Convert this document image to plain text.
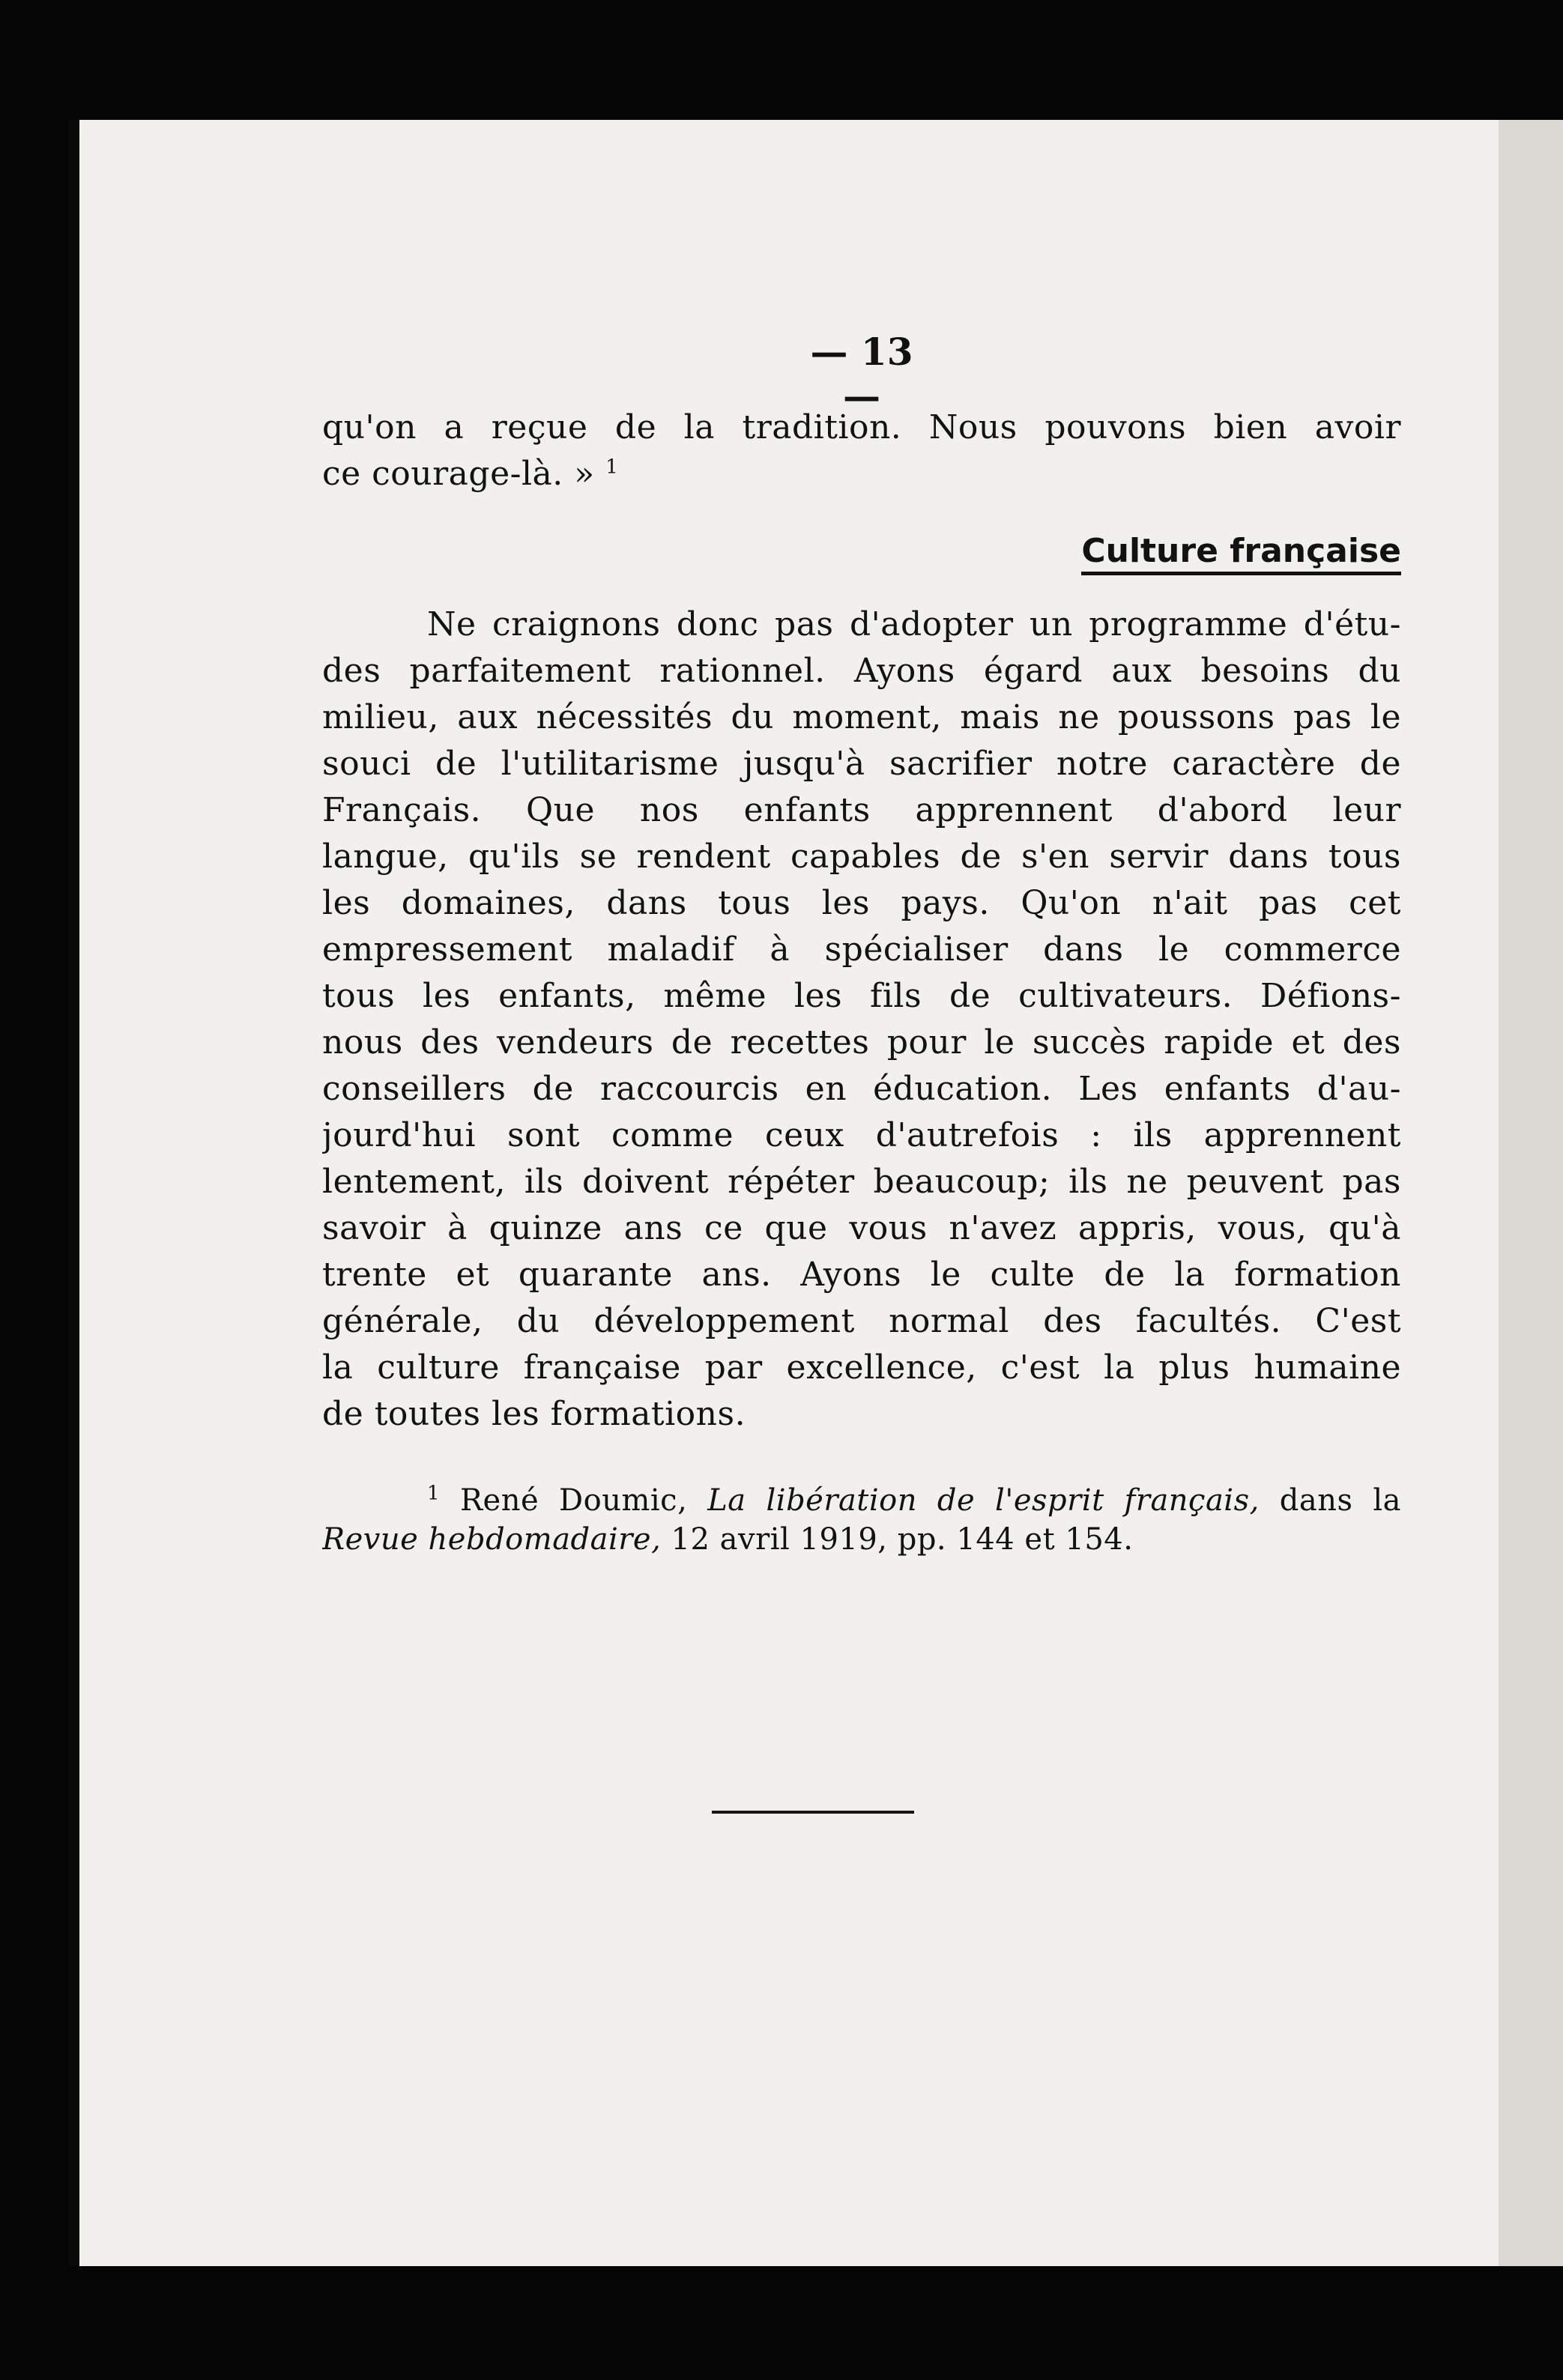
— 13 —
qu'on a reçue de la tradition. Nous pouvons bien avoir
ce courage-là. » $^1$
Culture française
Ne craignons donc pas d'adopter un programme d'étu-
des parfaitement rationnel. Ayons égard aux besoins du
milieu, aux nécessités du moment, mais ne poussons pas le
souci de l'utilitarisme jusqu'à sacrifier notre caractère de
Français. Que nos enfants apprennent d'abord leur
langue, qu'ils se rendent capables de s'en servir dans tous
les domaines, dans tous les pays. Qu'on n'ait pas cet
empressement maladif à spécialiser dans le commerce
tous les enfants, même les fils de cultivateurs. Défions-
nous des vendeurs de recettes pour le succès rapide et des
conseillers de raccourcis en éducation. Les enfants d'au-
jourd'hui sont comme ceux d'autrefois : ils apprennent
lentement, ils doivent répéter beaucoup; ils ne peuvent pas
savoir à quinze ans ce que vous n'avez appris, vous, qu'à
trente et quarante ans. Ayons le culte de la formation
générale, du développement normal des facultés. C'est
la culture française par excellence, c'est la plus humaine
de toutes les formations.
$^1$ René Doumic, La libération de l'esprit français, dans la
Revue hebdomadaire, 12 avril 1919, pp. 144 et 154.
